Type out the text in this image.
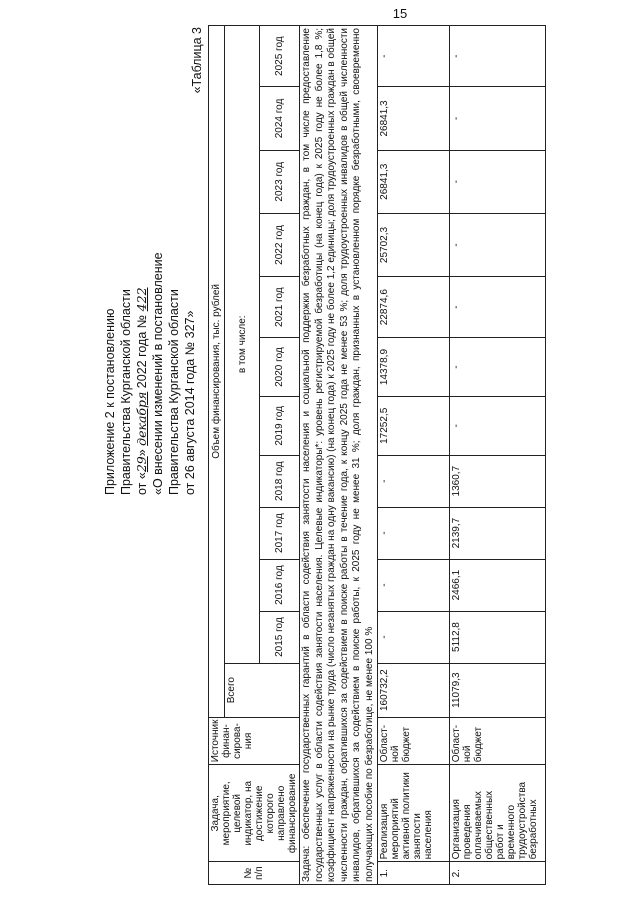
15
Приложение 2 к постановлению Правительства Курганской области от «29» декабря 2022 года № 422 «О внесении изменений в постановление Правительства Курганской области от 26 августа 2014 года № 327»
«Таблица 3
№ п/п	Задача, мероприятие, целевой индикатор, на достижение которого направлено финансирование	Источник финан-сирова-ния	Объем финансирования, тыс. рублей											
			Всего	в том числе:										
				2015 год	2016 год	2017 год	2018 год	2019 год	2020 год	2021 год	2022 год	2023 год	2024 год	2025 год
Задача: обеспечение государственных гарантий в области содействия занятости населения и социальной поддержки безработных граждан, в том числе предоставление государственных услуг в области содействия занятости населения. Целевые индикаторы*: уровень регистрируемой безработицы (на конец года) к 2025 году не более 1,8 %; коэффициент напряженности на рынке труда (число незанятых граждан на одну вакансию) (на конец года) к 2025 году не более 1,2 единицы; доля трудоустроенных граждан в общей численности граждан, обратившихся за содействием в поиске работы в течение года, к концу 2025 года не менее 53 %; доля трудоустроенных инвалидов в общей численности инвалидов, обратившихся за содействием в поиске работы, к 2025 году не менее 31 %; доля граждан, признанных в установленном порядке безработными, своевременно получающих пособие по безработице, не менее 100 %														
1.	Реализация мероприятий активной политики занятости населения	Област-ной бюджет	160732,2	-	-	-	-	17252,5	14378,9	22874,6	25702,3	26841,3	26841,3	-
2.	Организация проведения оплачиваемых общественных работ и временного трудоустройства безработных	Област-ной бюджет	11079,3	5112,8	2466,1	2139,7	1360,7	-	-	-	-	-	-	-
